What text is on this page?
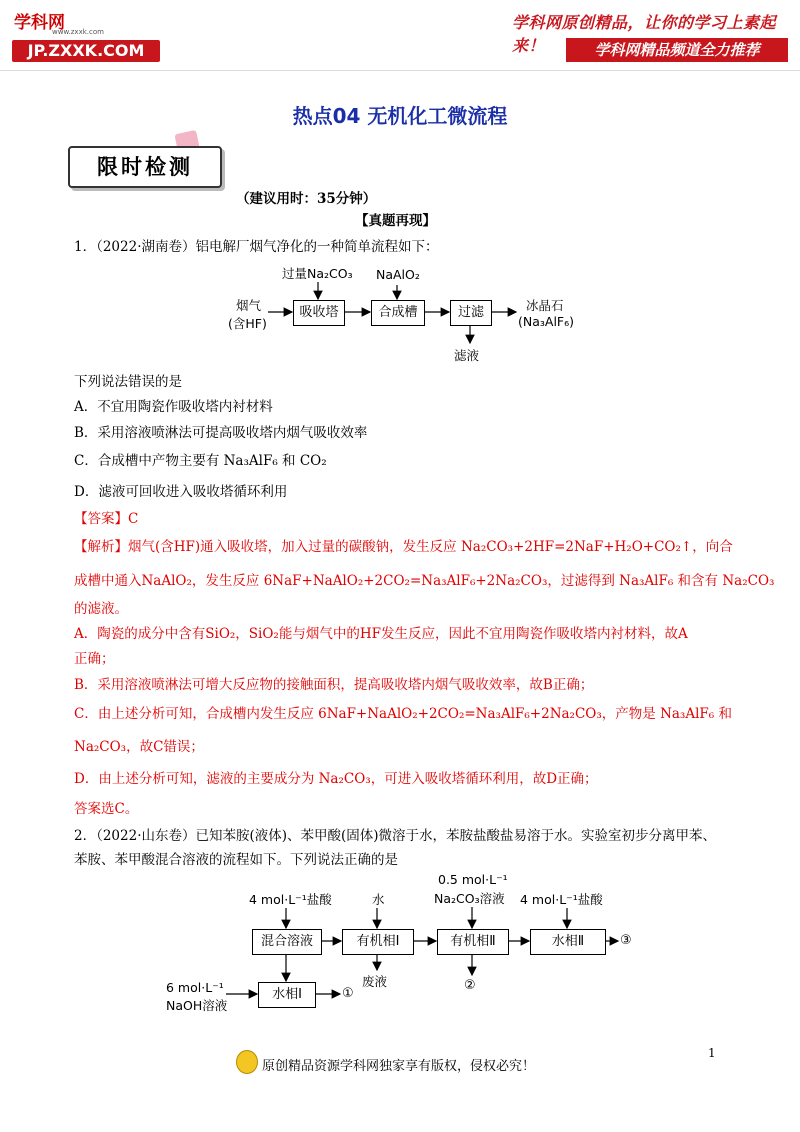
学科网
www.zxxk.com
JP.ZXXK.COM
学科网原创精品，让你的学习上素起来！	学科网精品频道全力推荐
热点04 无机化工微流程
限时检测
（建议用时：35分钟）
【真题再现】
1．（2022·湖南卷）铝电解厂烟气净化的一种简单流程如下：
过量Na₂CO₃ NaAlO₂
烟气
(含HF)
吸收塔	合成槽	过滤	冰晶石
(Na₃AlF₆)
滤液
下列说法错误的是
A．不宜用陶瓷作吸收塔内衬材料
B．采用溶液喷淋法可提高吸收塔内烟气吸收效率
C．合成槽中产物主要有 Na₃AlF₆ 和 CO₂
D．滤液可回收进入吸收塔循环利用
【答案】C
【解析】烟气(含HF)通入吸收塔，加入过量的碳酸钠，发生反应 Na₂CO₃+2HF=2NaF+H₂O+CO₂↑，向合
成槽中通入NaAlO₂，发生反应 6NaF+NaAlO₂+2CO₂=Na₃AlF₆+2Na₂CO₃，过滤得到 Na₃AlF₆ 和含有 Na₂CO₃
的滤液。
A．陶瓷的成分中含有SiO₂，SiO₂能与烟气中的HF发生反应，因此不宜用陶瓷作吸收塔内衬材料，故A
正确；
B．采用溶液喷淋法可增大反应物的接触面积，提高吸收塔内烟气吸收效率，故B正确；
C．由上述分析可知，合成槽内发生反应 6NaF+NaAlO₂+2CO₂=Na₃AlF₆+2Na₂CO₃，产物是 Na₃AlF₆ 和
Na₂CO₃，故C错误；
D．由上述分析可知，滤液的主要成分为 Na₂CO₃，可进入吸收塔循环利用，故D正确；
答案选C。
2．（2022·山东卷）已知苯胺(液体)、苯甲酸(固体)微溶于水，苯胺盐酸盐易溶于水。实验室初步分离甲苯、
苯胺、苯甲酸混合溶液的流程如下。下列说法正确的是
4 mol·L⁻¹盐酸	水
0.5 mol·L⁻¹
Na₂CO₃溶液 4 mol·L⁻¹盐酸
混合溶液	有机相Ⅰ	有机相Ⅱ	水相Ⅱ
水相Ⅰ
6 mol·L⁻¹
NaOH溶液
废液
①
②
③
原创精品资源学科网独家享有版权，侵权必究！
1
